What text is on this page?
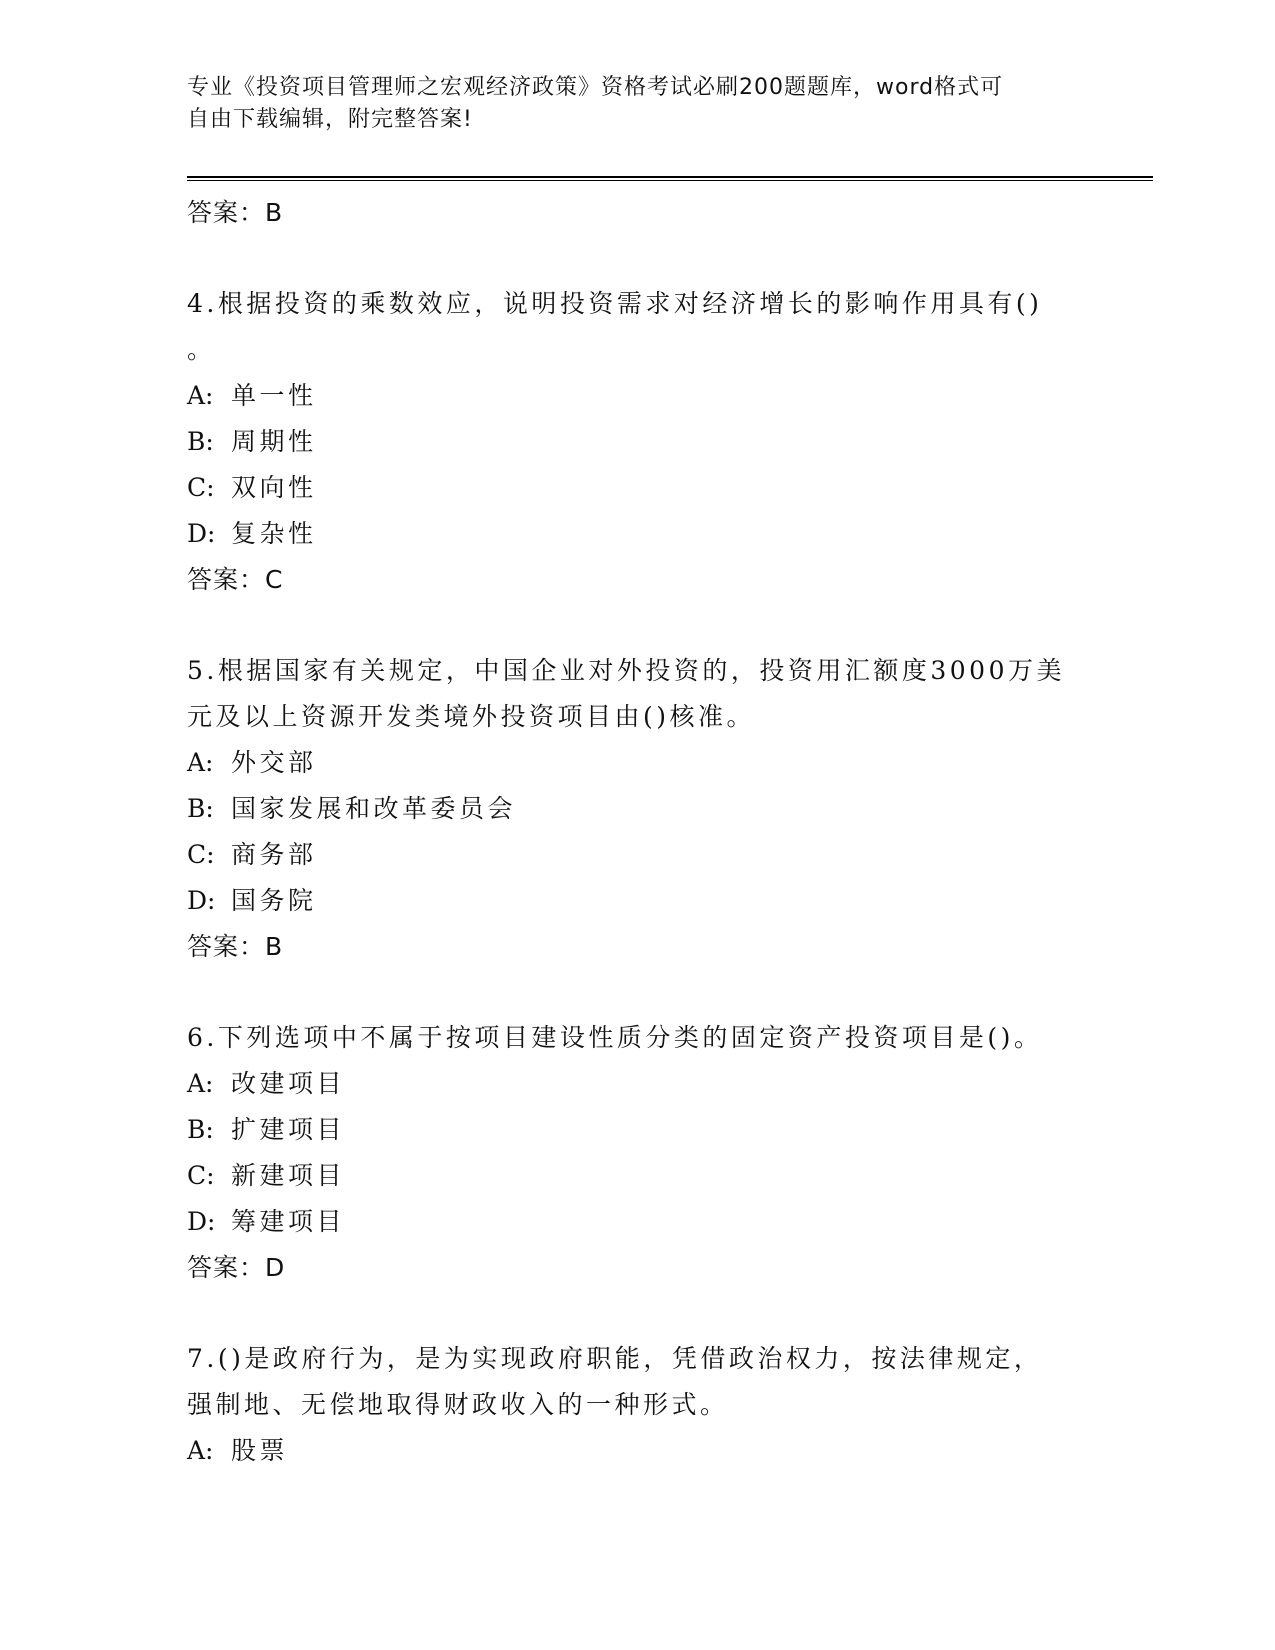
专业《投资项目管理师之宏观经济政策》资格考试必刷200题题库，word格式可
自由下载编辑，附完整答案!
答案：B
4.根据投资的乘数效应，说明投资需求对经济增长的影响作用具有()
。
A: 单一性
B: 周期性
C: 双向性
D: 复杂性
答案：C
5.根据国家有关规定，中国企业对外投资的，投资用汇额度3000万美
元及以上资源开发类境外投资项目由()核准。
A: 外交部
B: 国家发展和改革委员会
C: 商务部
D: 国务院
答案：B
6.下列选项中不属于按项目建设性质分类的固定资产投资项目是()。
A: 改建项目
B: 扩建项目
C: 新建项目
D: 筹建项目
答案：D
7.()是政府行为，是为实现政府职能，凭借政治权力，按法律规定，
强制地、无偿地取得财政收入的一种形式。
A: 股票
